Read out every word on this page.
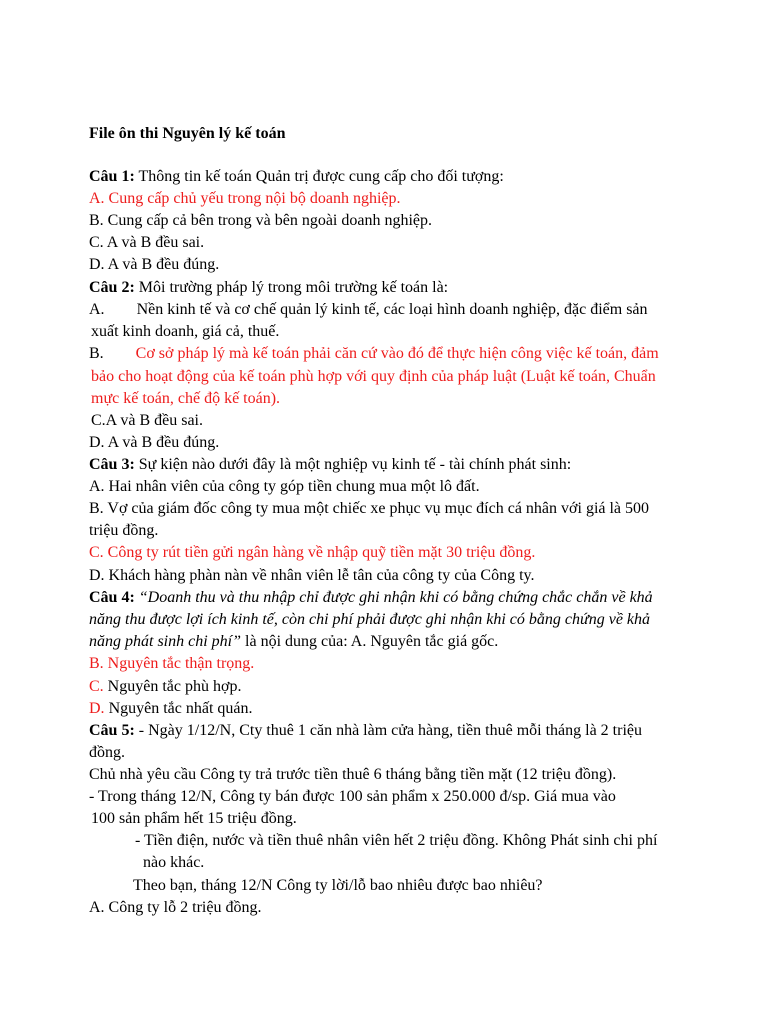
File ôn thi Nguyên lý kế toán
Câu 1: Thông tin kế toán Quản trị được cung cấp cho đối tượng:
A. Cung cấp chủ yếu trong nội bộ doanh nghiệp.
B. Cung cấp cả bên trong và bên ngoài doanh nghiệp.
C. A và B đều sai.
D. A và B đều đúng.
Câu 2: Môi trường pháp lý trong môi trường kế toán là:
A. Nền kinh tế và cơ chế quản lý kinh tế, các loại hình doanh nghiệp, đặc điểm sản
xuất kinh doanh, giá cả, thuế.
B. Cơ sở pháp lý mà kế toán phải căn cứ vào đó để thực hiện công việc kế toán, đảm
bảo cho hoạt động của kế toán phù hợp với quy định của pháp luật (Luật kế toán, Chuẩn
mực kế toán, chế độ kế toán).
C.A và B đều sai.
D. A và B đều đúng.
Câu 3: Sự kiện nào dưới đây là một nghiệp vụ kinh tế - tài chính phát sinh:
A. Hai nhân viên của công ty góp tiền chung mua một lô đất.
B. Vợ của giám đốc công ty mua một chiếc xe phục vụ mục đích cá nhân với giá là 500
triệu đồng.
C. Công ty rút tiền gửi ngân hàng về nhập quỹ tiền mặt 30 triệu đồng.
D. Khách hàng phàn nàn về nhân viên lễ tân của công ty của Công ty.
Câu 4: “Doanh thu và thu nhập chỉ được ghi nhận khi có bằng chứng chắc chắn về khả
năng thu được lợi ích kinh tế, còn chi phí phải được ghi nhận khi có bằng chứng về khả
năng phát sinh chi phí” là nội dung của: A. Nguyên tắc giá gốc.
B. Nguyên tắc thận trọng.
C. Nguyên tắc phù hợp.
D. Nguyên tắc nhất quán.
Câu 5: - Ngày 1/12/N, Cty thuê 1 căn nhà làm cửa hàng, tiền thuê mỗi tháng là 2 triệu
đồng.
Chủ nhà yêu cầu Công ty trả trước tiền thuê 6 tháng bằng tiền mặt (12 triệu đồng).
- Trong tháng 12/N, Công ty bán được 100 sản phẩm x 250.000 đ/sp. Giá mua vào
100 sản phẩm hết 15 triệu đồng.
- Tiền điện, nước và tiền thuê nhân viên hết 2 triệu đồng. Không Phát sinh chi phí
nào khác.
Theo bạn, tháng 12/N Công ty lời/lỗ bao nhiêu được bao nhiêu?
A. Công ty lỗ 2 triệu đồng.
